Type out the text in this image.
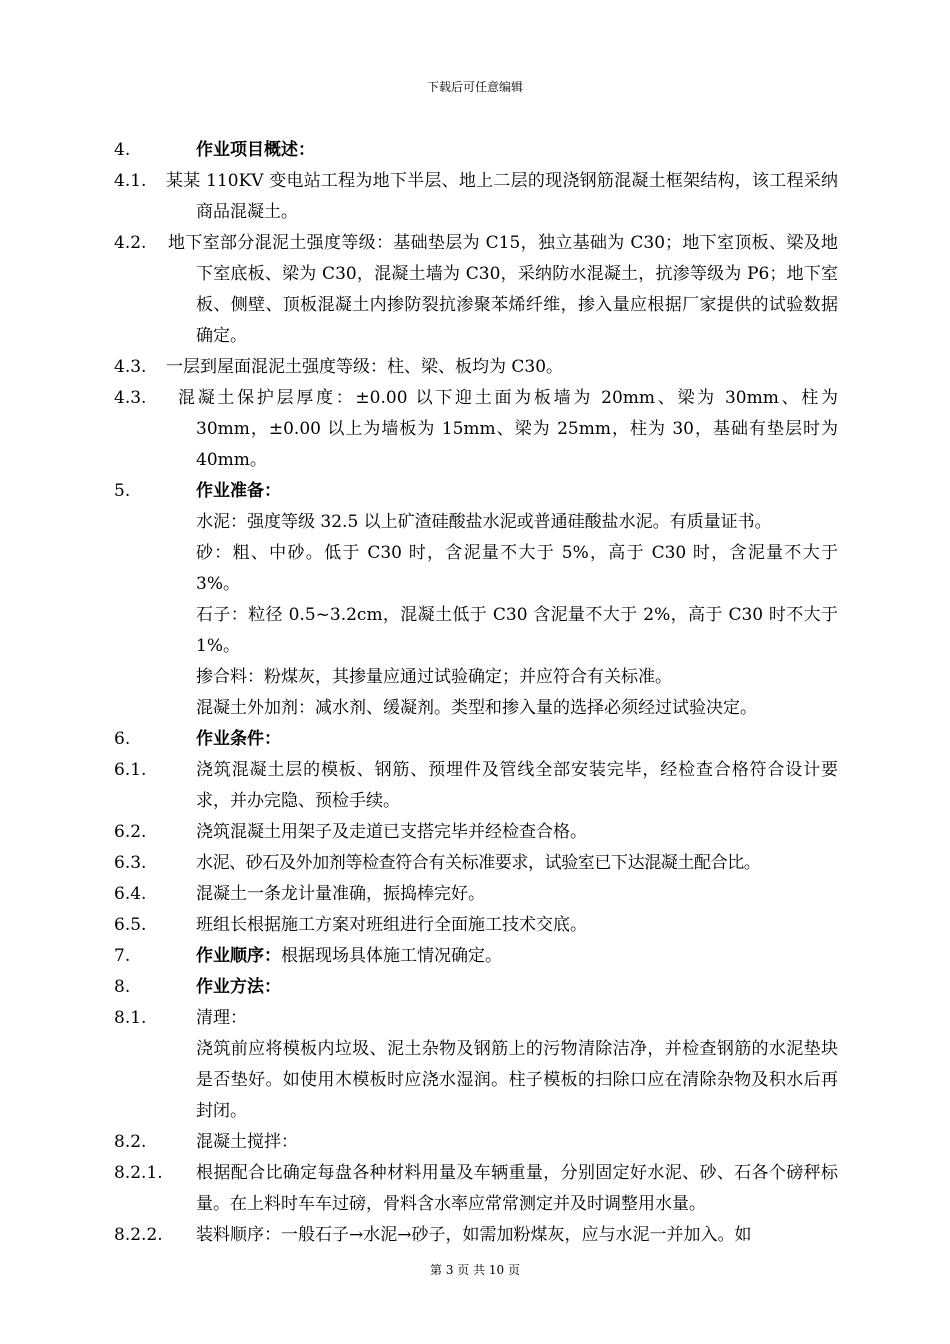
下载后可任意编辑
4.	作业项目概述：
4.1. 某某 110KV 变电站工程为地下半层、地上二层的现浇钢筋混凝土框架结构，该工程采纳商品混凝土。
4.2. 地下室部分混泥土强度等级：基础垫层为 C15，独立基础为 C30；地下室顶板、梁及地下室底板、梁为 C30，混凝土墙为 C30，采纳防水混凝土，抗渗等级为 P6；地下室板、侧壁、顶板混凝土内掺防裂抗渗聚苯烯纤维，掺入量应根据厂家提供的试验数据确定。
4.3. 一层到屋面混泥土强度等级：柱、梁、板均为 C30。
4.3. 混凝土保护层厚度：±0.00 以下迎土面为板墙为 20mm、梁为 30mm、柱为 30mm，±0.00 以上为墙板为 15mm、梁为 25mm，柱为 30，基础有垫层时为 40mm。
5.	作业准备：
水泥：强度等级 32.5 以上矿渣硅酸盐水泥或普通硅酸盐水泥。有质量证书。
砂：粗、中砂。低于 C30 时，含泥量不大于 5%，高于 C30 时，含泥量不大于 3%。
石子：粒径 0.5~3.2cm，混凝土低于 C30 含泥量不大于 2%，高于 C30 时不大于 1%。
掺合料：粉煤灰，其掺量应通过试验确定；并应符合有关标准。
混凝土外加剂：减水剂、缓凝剂。类型和掺入量的选择必须经过试验决定。
6.	作业条件：
6.1.	浇筑混凝土层的模板、钢筋、预埋件及管线全部安装完毕，经检查合格符合设计要求，并办完隐、预检手续。
6.2.	浇筑混凝土用架子及走道已支搭完毕并经检查合格。
6.3.	水泥、砂石及外加剂等检查符合有关标准要求，试验室已下达混凝土配合比。
6.4.	混凝土一条龙计量准确，振捣棒完好。
6.5.	班组长根据施工方案对班组进行全面施工技术交底。
7.	作业顺序：根据现场具体施工情况确定。
8.	作业方法：
8.1.	清理：
浇筑前应将模板内垃圾、泥土杂物及钢筋上的污物清除洁净，并检查钢筋的水泥垫块是否垫好。如使用木模板时应浇水湿润。柱子模板的扫除口应在清除杂物及积水后再封闭。
8.2.	混凝土搅拌：
8.2.1. 根据配合比确定每盘各种材料用量及车辆重量，分别固定好水泥、砂、石各个磅秤标量。在上料时车车过磅，骨料含水率应常常测定并及时调整用水量。
8.2.2. 装料顺序：一般石子→水泥→砂子，如需加粉煤灰，应与水泥一并加入。如
第 3 页 共 10 页
